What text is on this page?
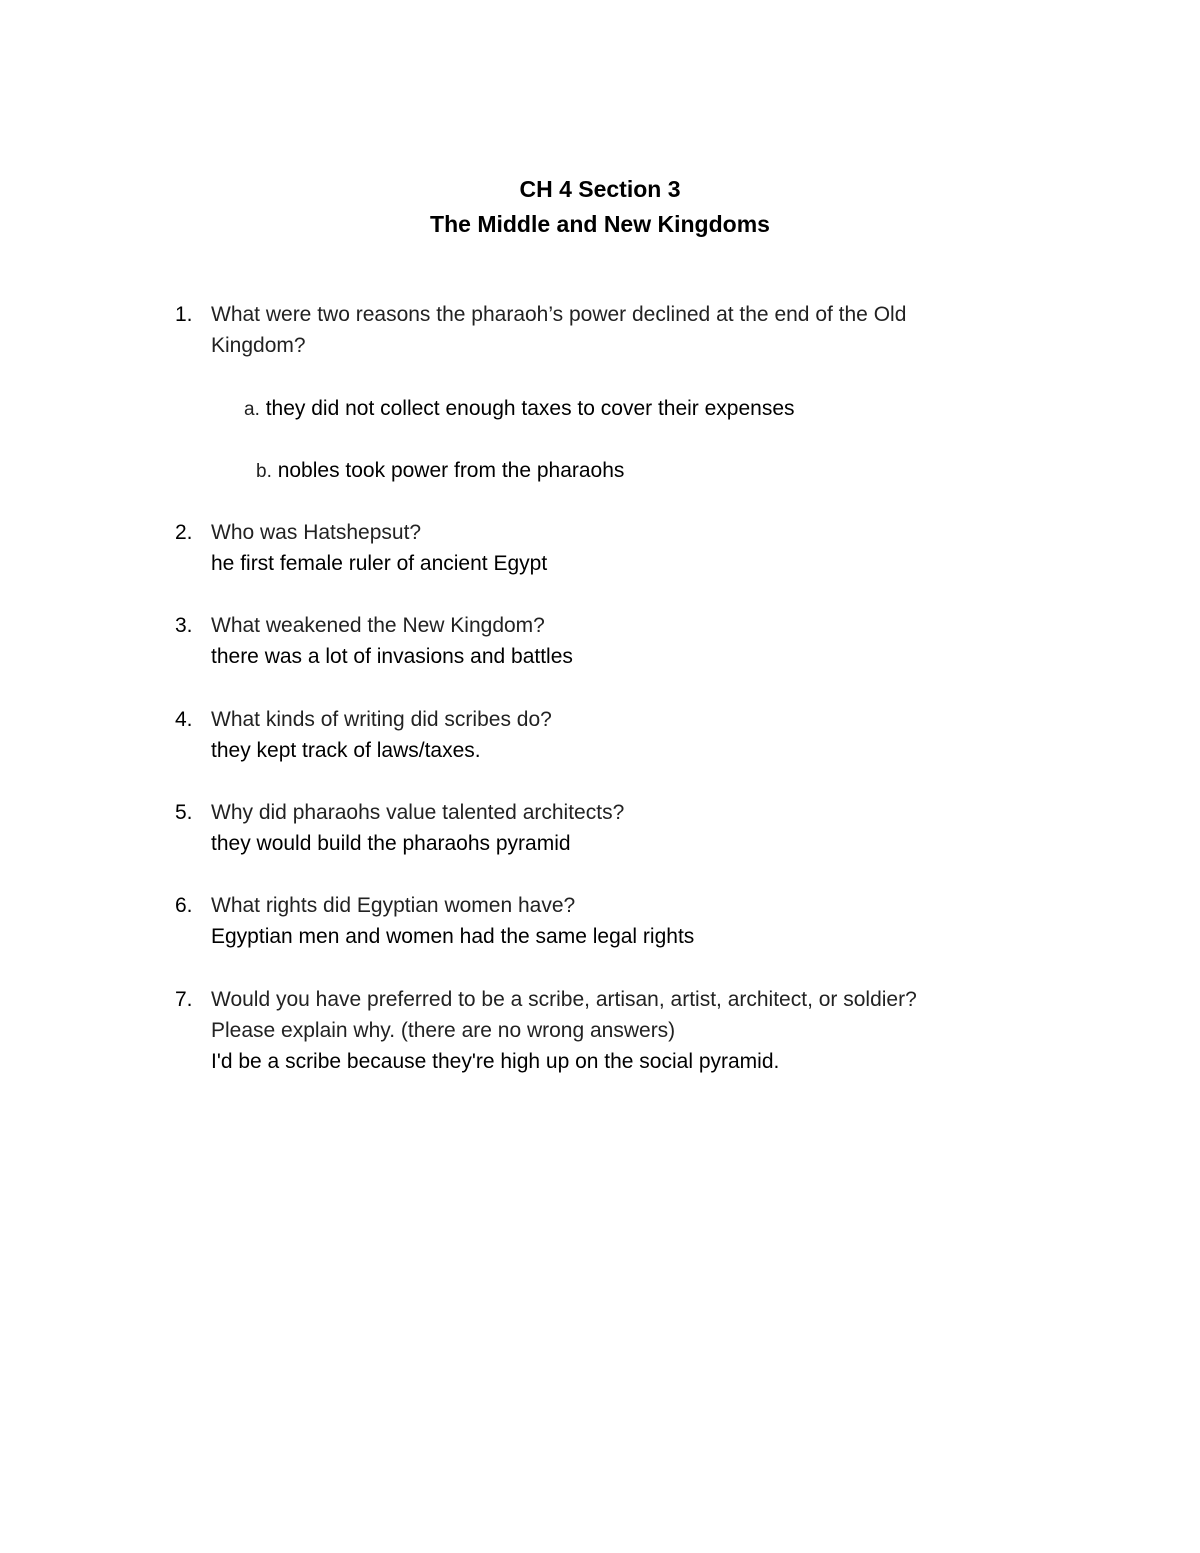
CH 4 Section 3

The Middle and New Kingdoms

1. What were two reasons the pharaoh’s power declined at the end of the Old
Kingdom?
a. they did not collect enough taxes to cover their expenses
b. nobles took power from the pharaohs
2. Who was Hatshepsut?
he first female ruler of ancient Egypt
3. What weakened the New Kingdom?
there was a lot of invasions and battles
4. What kinds of writing did scribes do?
they kept track of laws/taxes.
5. Why did pharaohs value talented architects?
they would build the pharaohs pyramid
6. What rights did Egyptian women have?
Egyptian men and women had the same legal rights
7. Would you have preferred to be a scribe, artisan, artist, architect, or soldier?
Please explain why. (there are no wrong answers)
I'd be a scribe because they're high up on the social pyramid.
